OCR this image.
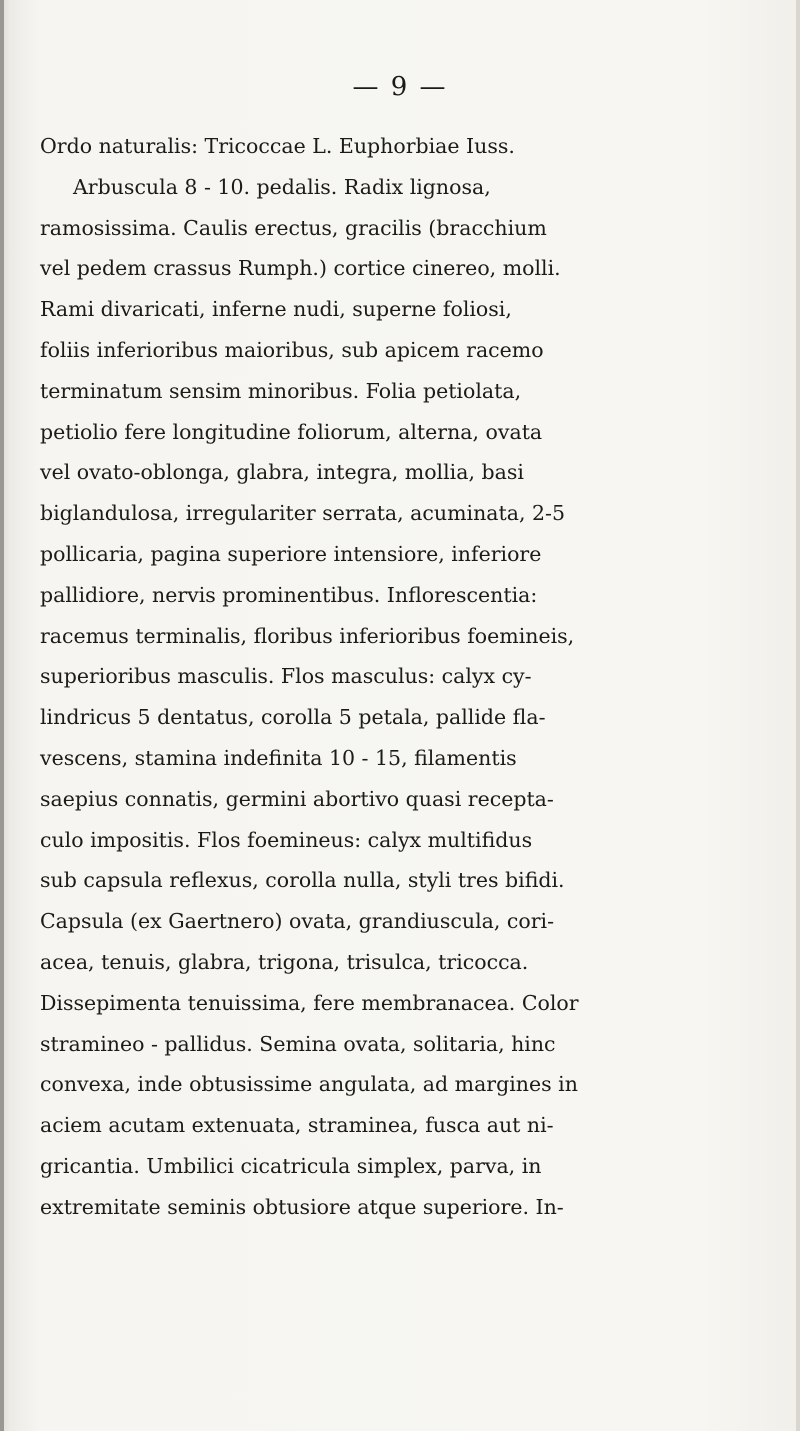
— 9 —
Ordo naturalis: Tricoccae L. Euphorbiae Iuss.
Arbuscula 8 - 10. pedalis. Radix lignosa,
ramosissima. Caulis erectus, gracilis (bracchium
vel pedem crassus Rumph.) cortice cinereo, molli.
Rami divaricati, inferne nudi, superne foliosi,
foliis inferioribus maioribus, sub apicem racemo
terminatum sensim minoribus. Folia petiolata,
petiolio fere longitudine foliorum, alterna, ovata
vel ovato-oblonga, glabra, integra, mollia, basi
biglandulosa, irregulariter serrata, acuminata, 2-5
pollicaria, pagina superiore intensiore, inferiore
pallidiore, nervis prominentibus. Inflorescentia:
racemus terminalis, floribus inferioribus foemineis,
superioribus masculis. Flos masculus: calyx cy-
lindricus 5 dentatus, corolla 5 petala, pallide fla-
vescens, stamina indefinita 10 - 15, filamentis
saepius connatis, germini abortivo quasi recepta-
culo impositis. Flos foemineus: calyx multifidus
sub capsula reflexus, corolla nulla, styli tres bifidi.
Capsula (ex Gaertnero) ovata, grandiuscula, cori-
acea, tenuis, glabra, trigona, trisulca, tricocca.
Dissepimenta tenuissima, fere membranacea. Color
stramineo - pallidus. Semina ovata, solitaria, hinc
convexa, inde obtusissime angulata, ad margines in
aciem acutam extenuata, straminea, fusca aut ni-
gricantia. Umbilici cicatricula simplex, parva, in
extremitate seminis obtusiore atque superiore. In-
